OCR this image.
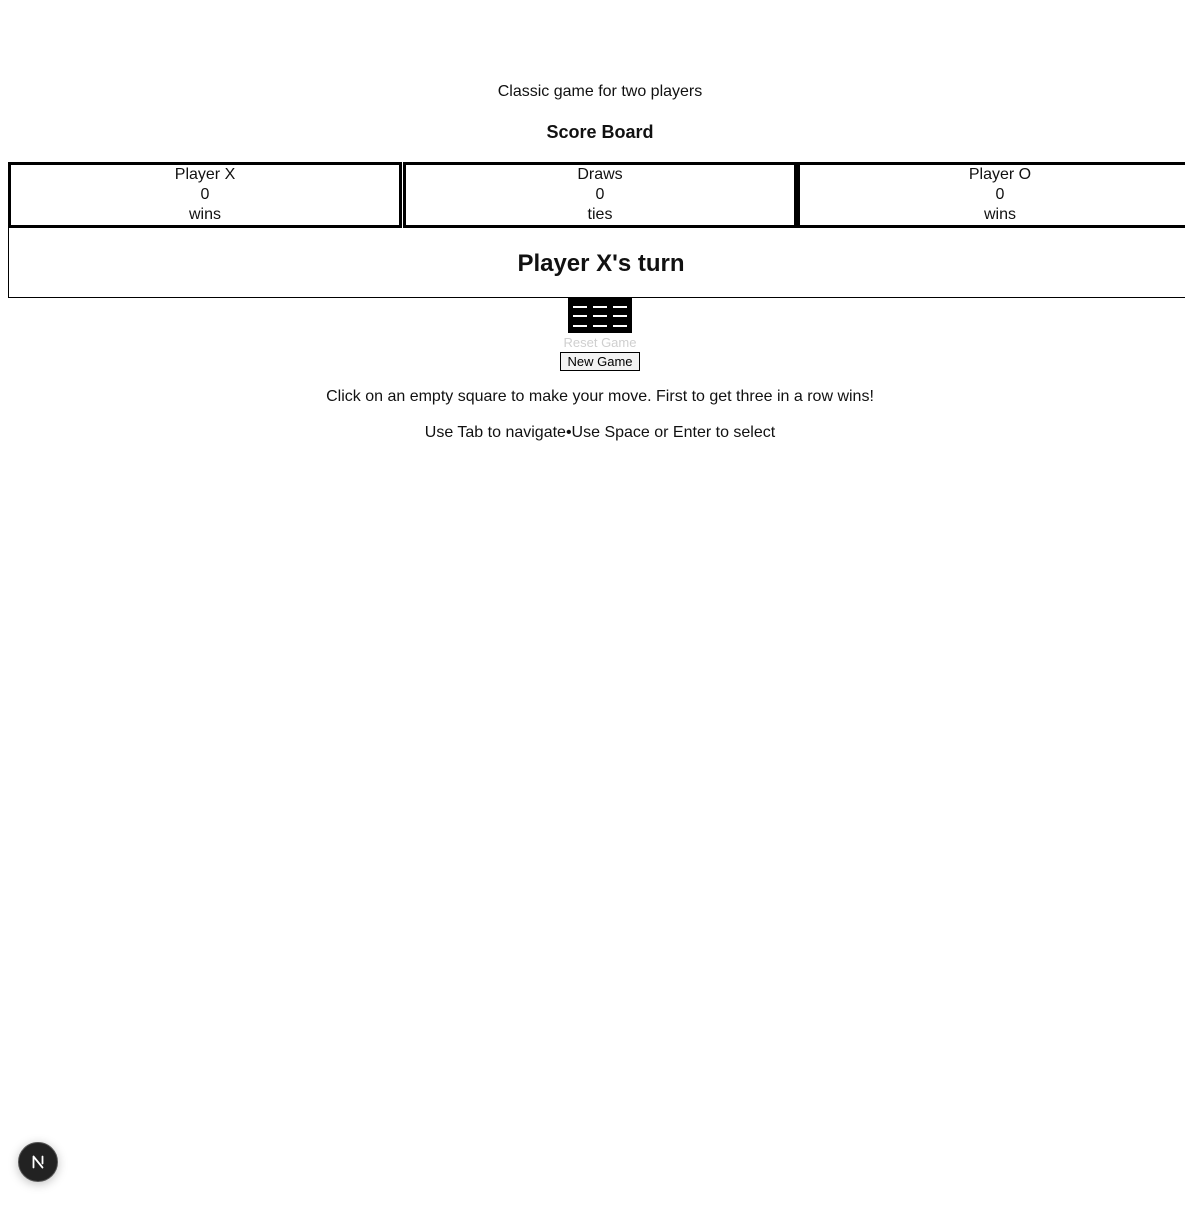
Classic game for two players
Score Board
Player X
0
wins
Draws
0
ties
Player O
0
wins
Player X's turn
Reset Game
New Game
Click on an empty square to make your move. First to get three in a row wins!
Use Tab to navigate•Use Space or Enter to select
